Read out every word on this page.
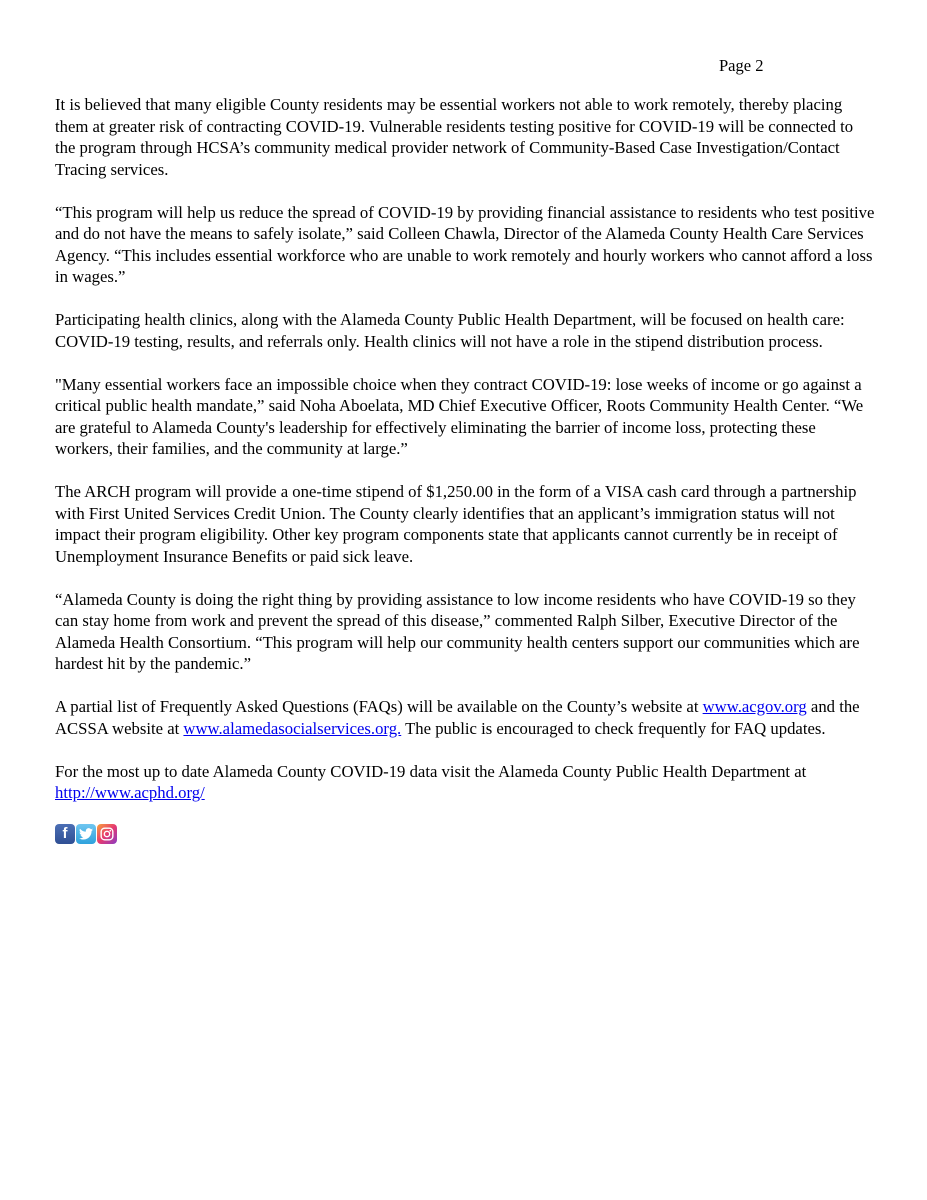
Page 2

It is believed that many eligible County residents may be essential workers not able to work remotely, thereby placing them at greater risk of contracting COVID-19. Vulnerable residents testing positive for COVID-19 will be connected to the program through HCSA’s community medical provider network of Community-Based Case Investigation/Contact Tracing services.

“This program will help us reduce the spread of COVID-19 by providing financial assistance to residents who test positive and do not have the means to safely isolate,” said Colleen Chawla, Director of the Alameda County Health Care Services Agency. “This includes essential workforce who are unable to work remotely and hourly workers who cannot afford a loss in wages.”

Participating health clinics, along with the Alameda County Public Health Department, will be focused on health care: COVID-19 testing, results, and referrals only. Health clinics will not have a role in the stipend distribution process.

"Many essential workers face an impossible choice when they contract COVID-19: lose weeks of income or go against a critical public health mandate,” said Noha Aboelata, MD Chief Executive Officer, Roots Community Health Center. “We are grateful to Alameda County's leadership for effectively eliminating the barrier of income loss, protecting these workers, their families, and the community at large.”

The ARCH program will provide a one-time stipend of $1,250.00 in the form of a VISA cash card through a partnership with First United Services Credit Union. The County clearly identifies that an applicant’s immigration status will not impact their program eligibility. Other key program components state that applicants cannot currently be in receipt of Unemployment Insurance Benefits or paid sick leave.

“Alameda County is doing the right thing by providing assistance to low income residents who have COVID-19 so they can stay home from work and prevent the spread of this disease,” commented Ralph Silber, Executive Director of the Alameda Health Consortium. “This program will help our community health centers support our communities which are hardest hit by the pandemic.”

A partial list of Frequently Asked Questions (FAQs) will be available on the County’s website at www.acgov.org and the ACSSA website at www.alamedasocialservices.org. The public is encouraged to check frequently for FAQ updates.

For the most up to date Alameda County COVID-19 data visit the Alameda County Public Health Department at http://www.acphd.org/

f
